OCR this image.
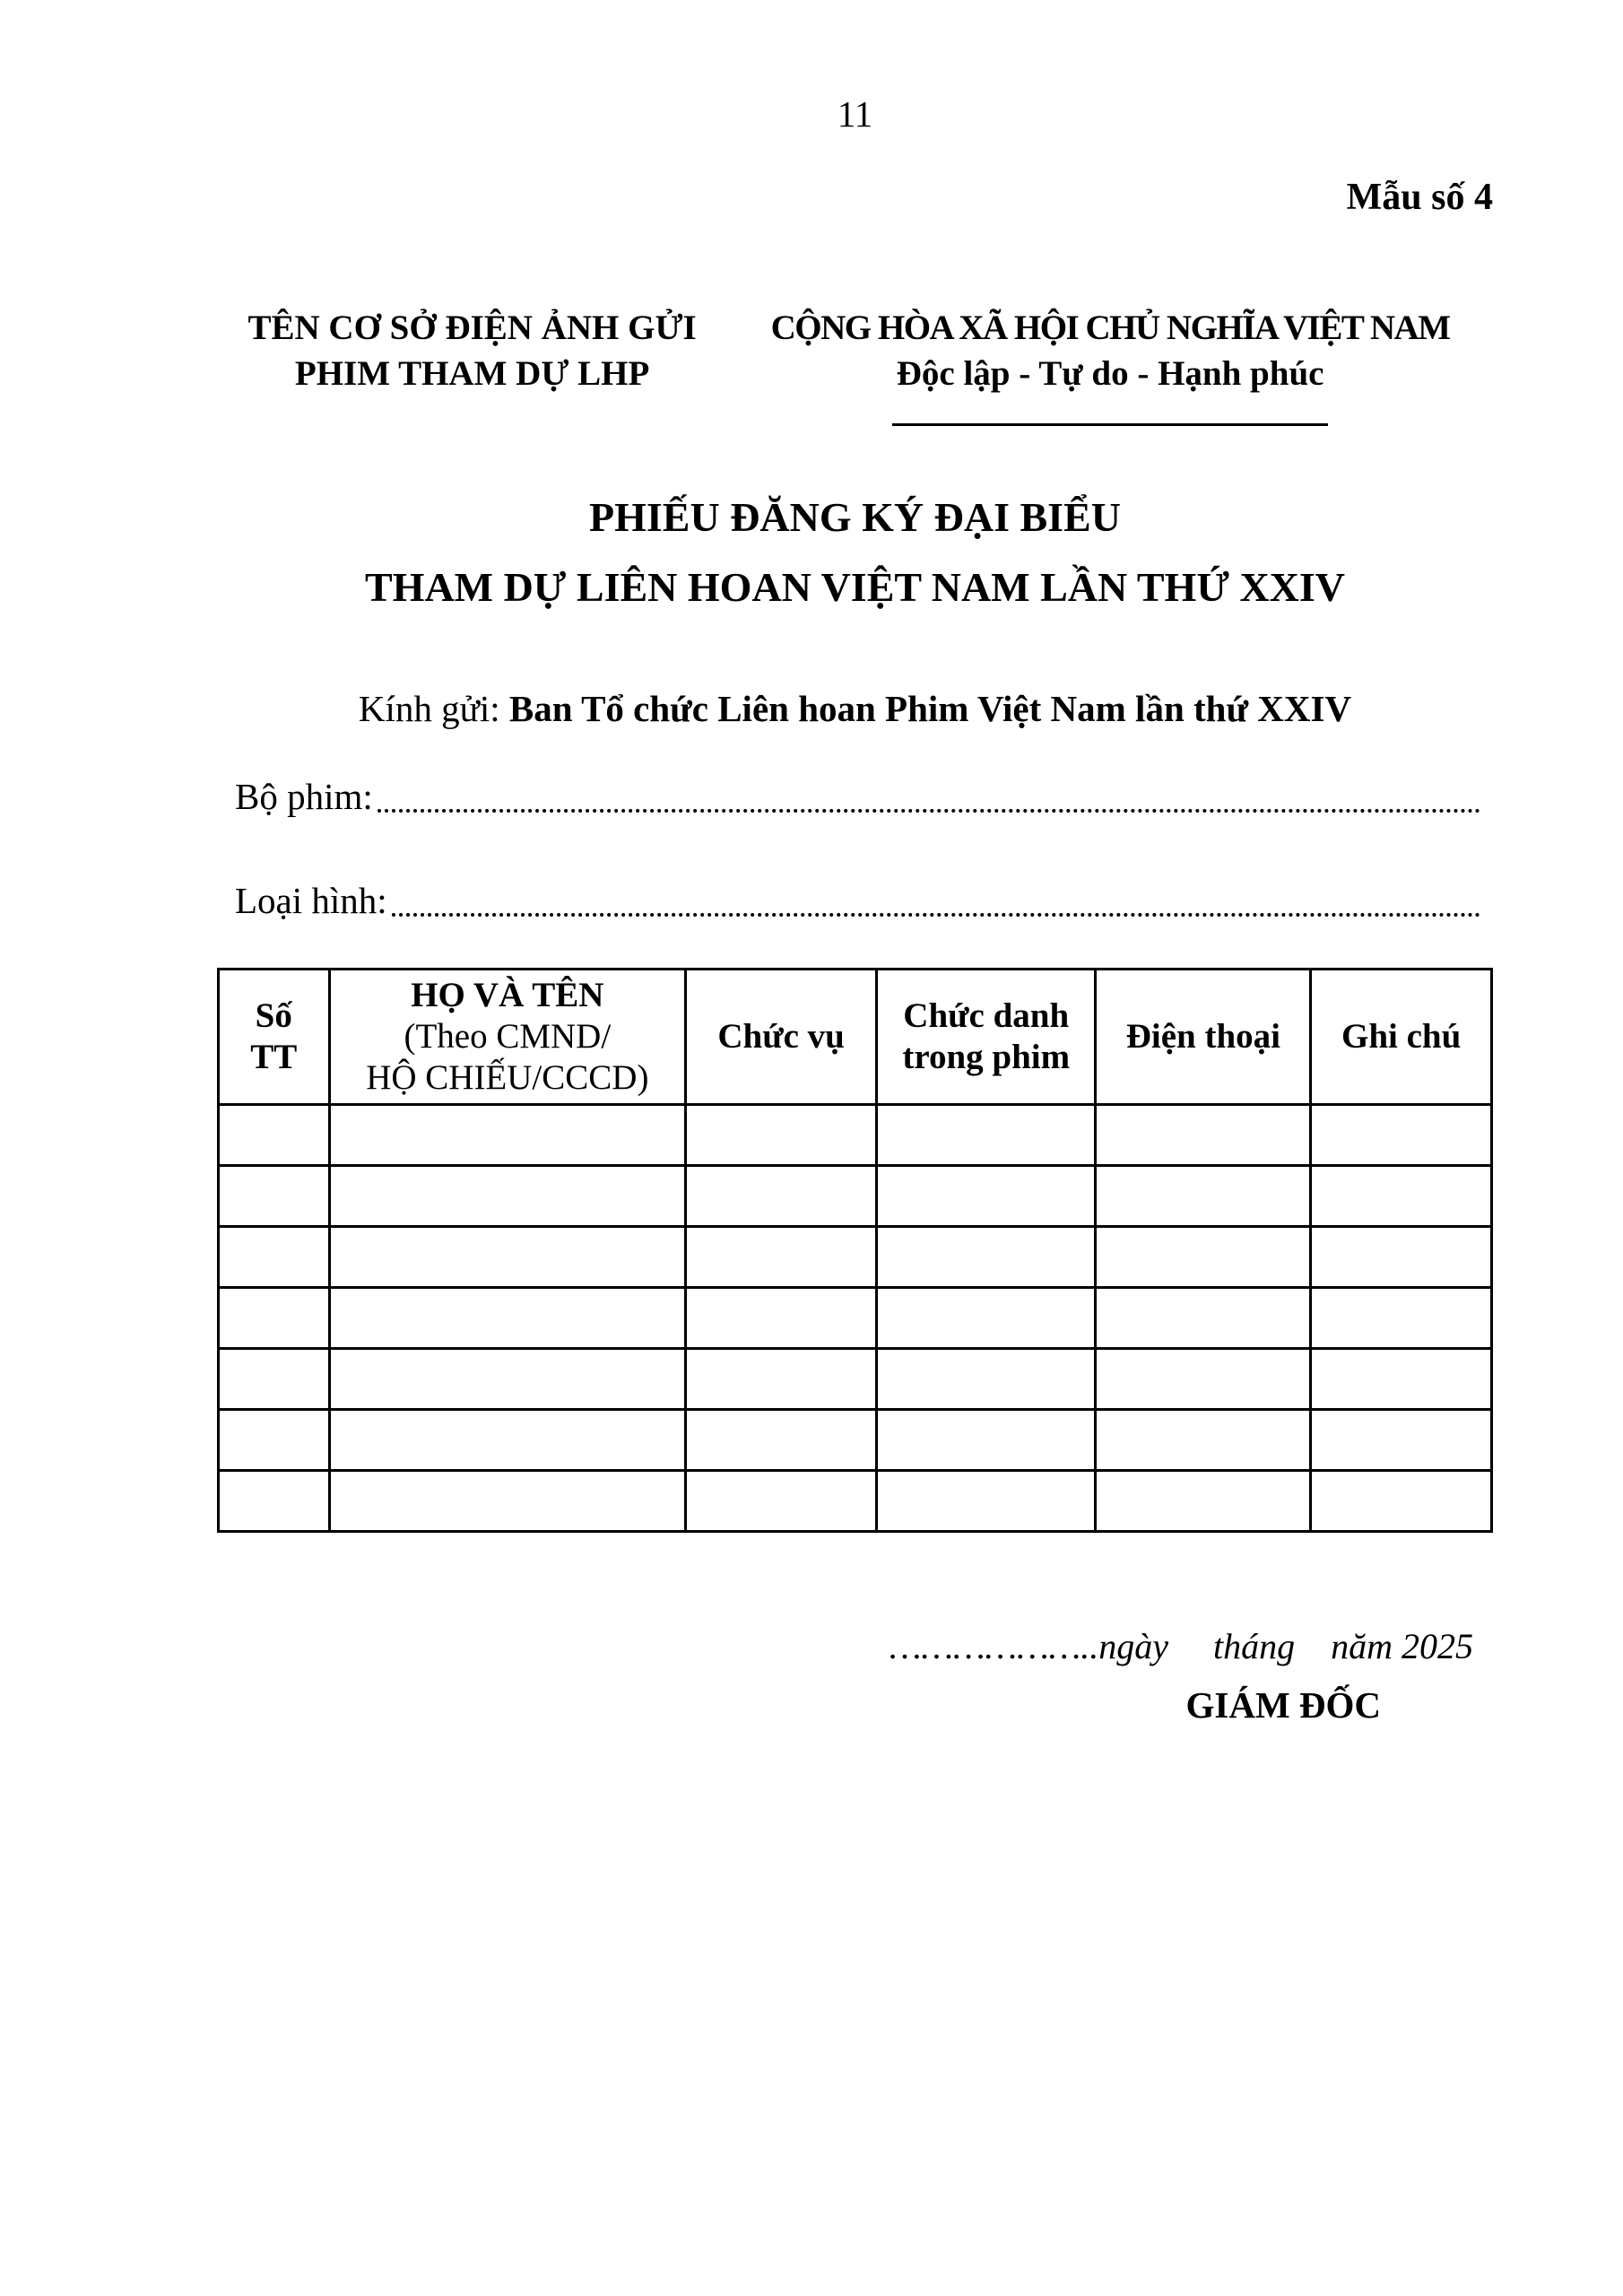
11
Mẫu số 4
TÊN CƠ SỞ ĐIỆN ẢNH GỬI
PHIM THAM DỰ LHP
CỘNG HÒA XÃ HỘI CHỦ NGHĨA VIỆT NAM
Độc lập - Tự do - Hạnh phúc
PHIẾU ĐĂNG KÝ ĐẠI BIỂU
THAM DỰ LIÊN HOAN VIỆT NAM LẦN THỨ XXIV
Kính gửi: Ban Tổ chức Liên hoan Phim Việt Nam lần thứ XXIV
Bộ phim:
Loại hình:
Số
TT

HỌ VÀ TÊN
(Theo CMND/
HỘ CHIẾU/CCCD)

Chức vụ

Chức danh
trong phim

Điện thoại	Ghi chú

………………..ngày     tháng    năm 2025
GIÁM ĐỐC
